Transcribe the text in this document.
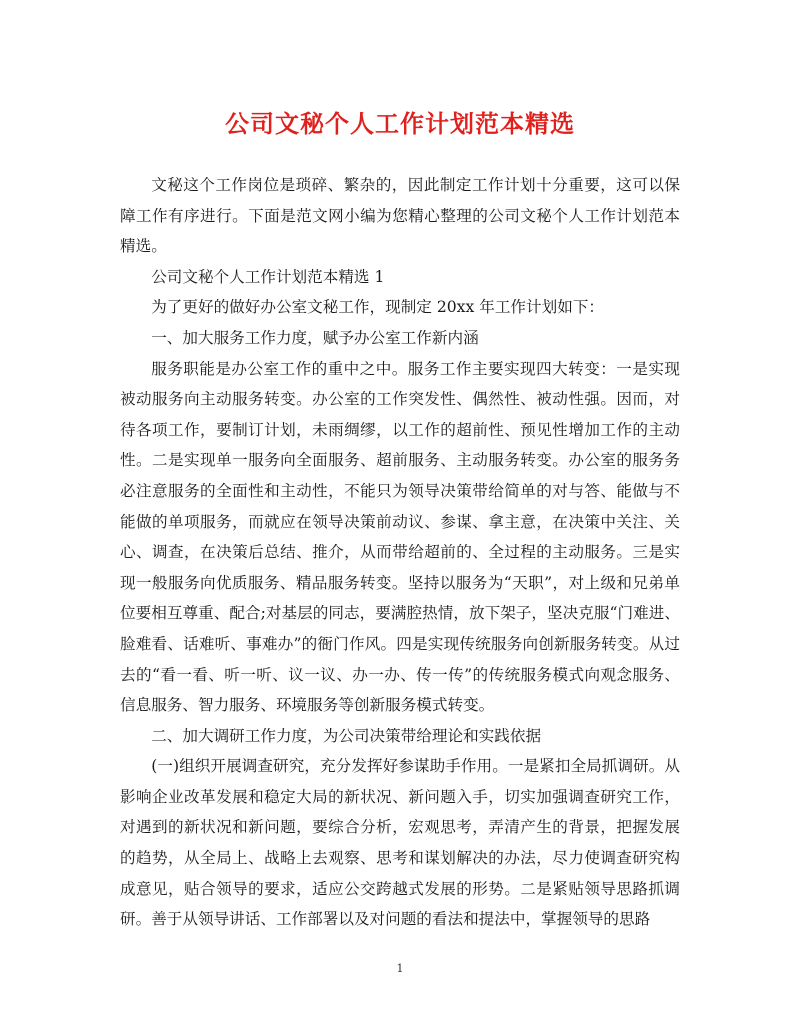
公司文秘个人工作计划范本精选

文秘这个工作岗位是琐碎、繁杂的，因此制定工作计划十分重要，这可以保障工作有序进行。下面是范文网小编为您精心整理的公司文秘个人工作计划范本精选。

公司文秘个人工作计划范本精选 1

为了更好的做好办公室文秘工作，现制定 20xx 年工作计划如下：

一、加大服务工作力度，赋予办公室工作新内涵

服务职能是办公室工作的重中之中。服务工作主要实现四大转变：一是实现被动服务向主动服务转变。办公室的工作突发性、偶然性、被动性强。因而，对待各项工作，要制订计划，未雨绸缪，以工作的超前性、预见性增加工作的主动性。二是实现单一服务向全面服务、超前服务、主动服务转变。办公室的服务务必注意服务的全面性和主动性，不能只为领导决策带给简单的对与答、能做与不能做的单项服务，而就应在领导决策前动议、参谋、拿主意，在决策中关注、关心、调查，在决策后总结、推介，从而带给超前的、全过程的主动服务。三是实现一般服务向优质服务、精品服务转变。坚持以服务为“天职”，对上级和兄弟单位要相互尊重、配合;对基层的同志，要满腔热情，放下架子，坚决克服“门难进、脸难看、话难听、事难办”的衙门作风。四是实现传统服务向创新服务转变。从过去的“看一看、听一听、议一议、办一办、传一传”的传统服务模式向观念服务、信息服务、智力服务、环境服务等创新服务模式转变。

二、加大调研工作力度，为公司决策带给理论和实践依据

(一)组织开展调查研究，充分发挥好参谋助手作用。一是紧扣全局抓调研。从影响企业改革发展和稳定大局的新状况、新问题入手，切实加强调查研究工作，对遇到的新状况和新问题，要综合分析，宏观思考，弄清产生的背景，把握发展的趋势，从全局上、战略上去观察、思考和谋划解决的办法，尽力使调查研究构成意见，贴合领导的要求，适应公交跨越式发展的形势。二是紧贴领导思路抓调研。善于从领导讲话、工作部署以及对问题的看法和提法中，掌握领导的思路

1
